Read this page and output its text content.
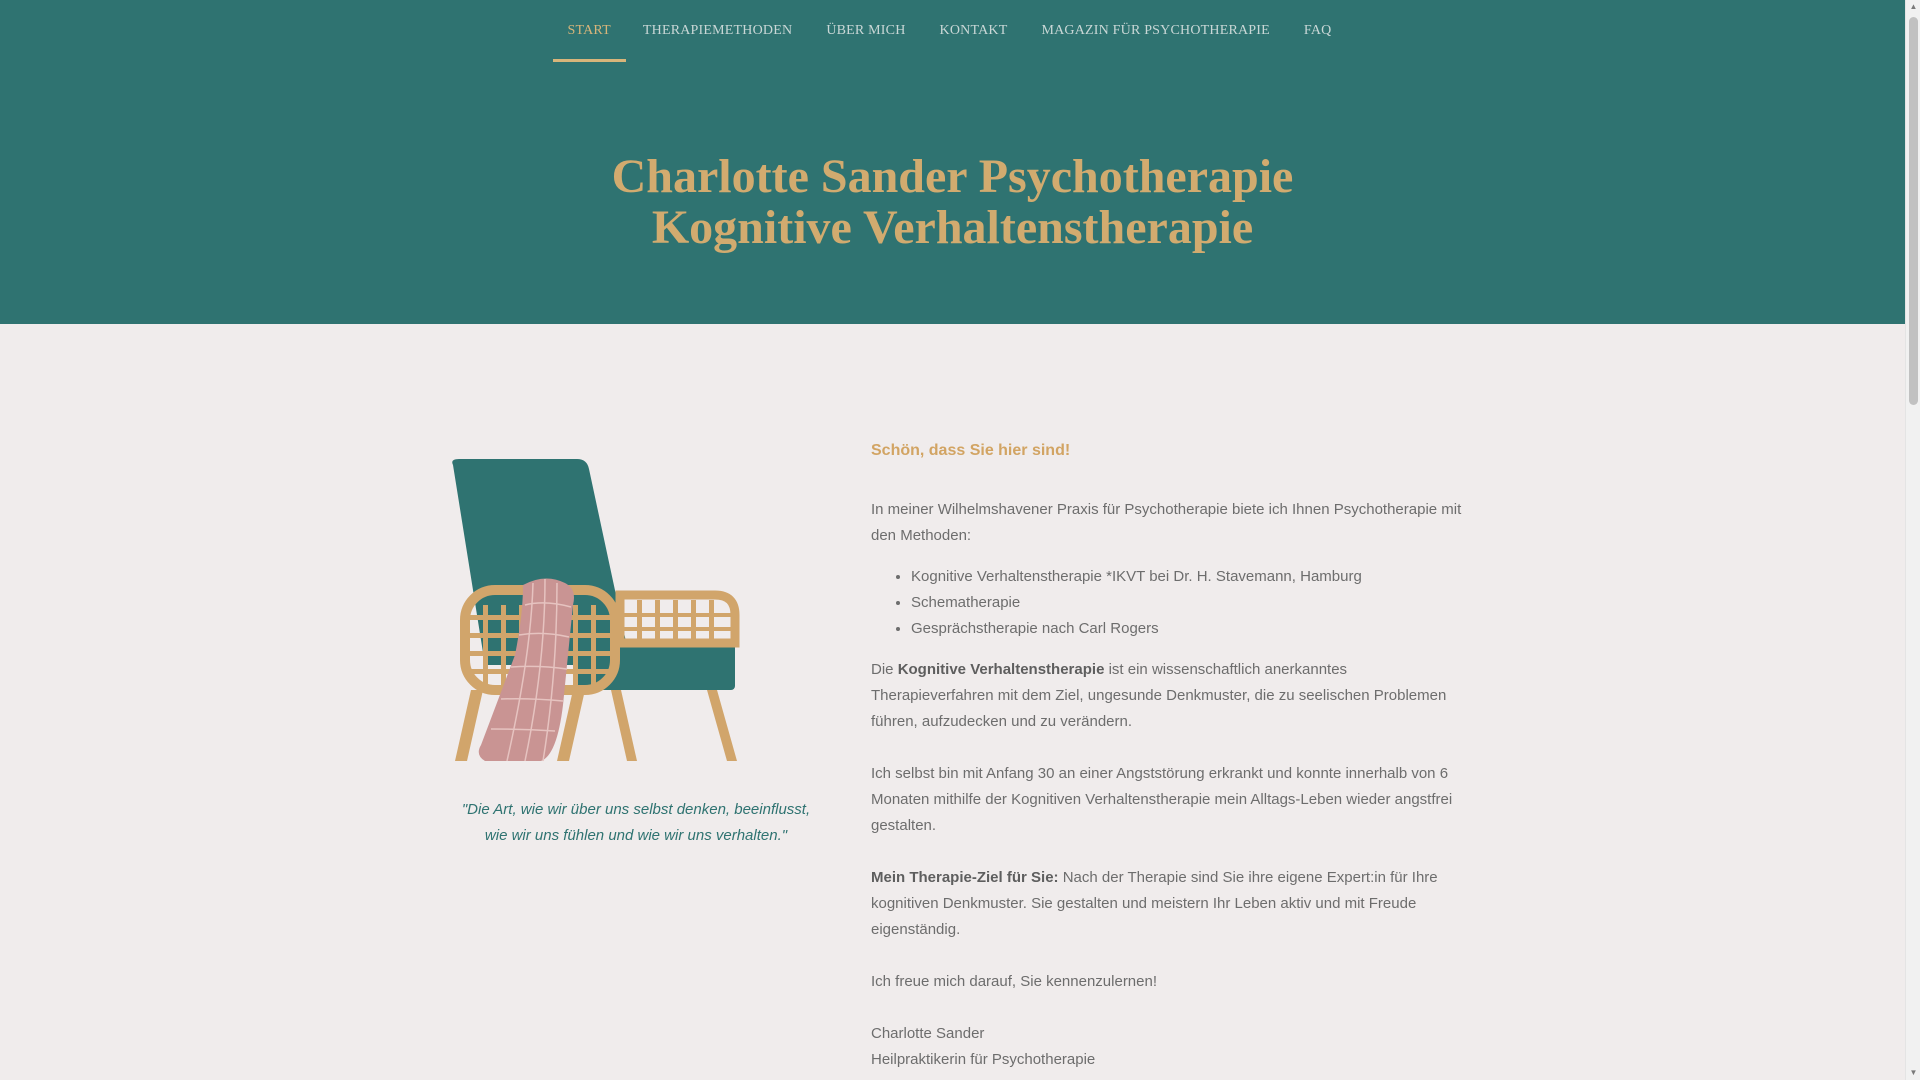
START	THERAPIEMETHODEN	ÜBER MICH	KONTAKT	MAGAZIN FÜR PSYCHOTHERAPIE	FAQ
Charlotte Sander Psychotherapie
Kognitive Verhaltenstherapie
"Die Art, wie wir über uns selbst denken, beeinflusst,
wie wir uns fühlen und wie wir uns verhalten."
Schön, dass Sie hier sind!

In meiner Wilhelmshavener Praxis für Psychotherapie biete ich Ihnen Psychotherapie mit den Methoden:

• Kognitive Verhaltenstherapie *IKVT bei Dr. H. Stavemann, Hamburg
• Schematherapie
• Gesprächstherapie nach Carl Rogers

Die Kognitive Verhaltenstherapie ist ein wissenschaftlich anerkanntes Therapieverfahren mit dem Ziel, ungesunde Denkmuster, die zu seelischen Problemen führen, aufzudecken und zu verändern.

Ich selbst bin mit Anfang 30 an einer Angststörung erkrankt und konnte innerhalb von 6 Monaten mithilfe der Kognitiven Verhaltenstherapie mein Alltags-Leben wieder angstfrei gestalten.

Mein Therapie-Ziel für Sie: Nach der Therapie sind Sie ihre eigene Expert:in für Ihre kognitiven Denkmuster. Sie gestalten und meistern Ihr Leben aktiv und mit Freude eigenständig.

Ich freue mich darauf, Sie kennenzulernen!

Charlotte Sander

Heilpraktikerin für Psychotherapie

▲
▼
